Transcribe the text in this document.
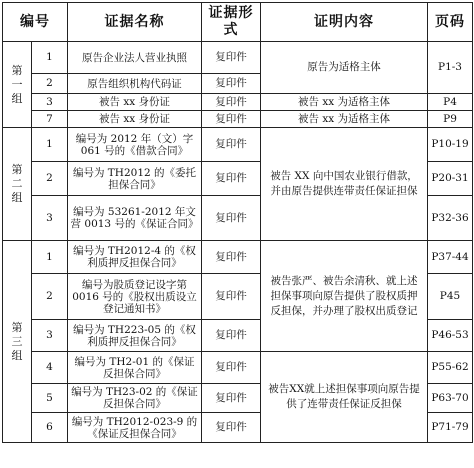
编号		证据名称	证据形式	证明内容	页码
第一组	1	原告企业法人营业执照	复印件	原告为适格主体	P1-3
	2	原告组织机构代码证	复印件		
	3	被告 xx 身份证	复印件	被告 xx 为适格主体	P4
	7	被告 xx 身份证	复印件	被告 xx 为适格主体	P9
第二组	1	编号为 2012 年（文）字 061 号的《借款合同》	复印件	被告 XX 向中国农业银行借款，并由原告提供连带责任保证担保	P10-19
	2	编号为 TH2012 的《委托担保合同》	复印件		P20-31
	3	编号为 53261-2012 年文营 0013 号的《保证合同》	复印件		P32-36
第三组	1	编号为 TH2012-4 的《权利质押反担保合同》	复印件	被告张严、被告余清秋、就上述担保事项向原告提供了股权质押反担保，并办理了股权出质登记	P37-44
	2	编号为股质登记设字第 0016 号的《股权出质设立登记通知书》	复印件		P45
	3	编号为 TH223-05 的《权利质押反担保合同》	复印件		P46-53
	4	编号为 TH2-01 的《保证反担保合同》	复印件	被告XX就上述担保事项向原告提供了连带责任保证反担保	P55-62
	5	编号为 TH23-02 的《保证反担保合同》	复印件		P63-70
	6	编号为 TH2012-023-9 的《保证反担保合同》	复印件		P71-79
